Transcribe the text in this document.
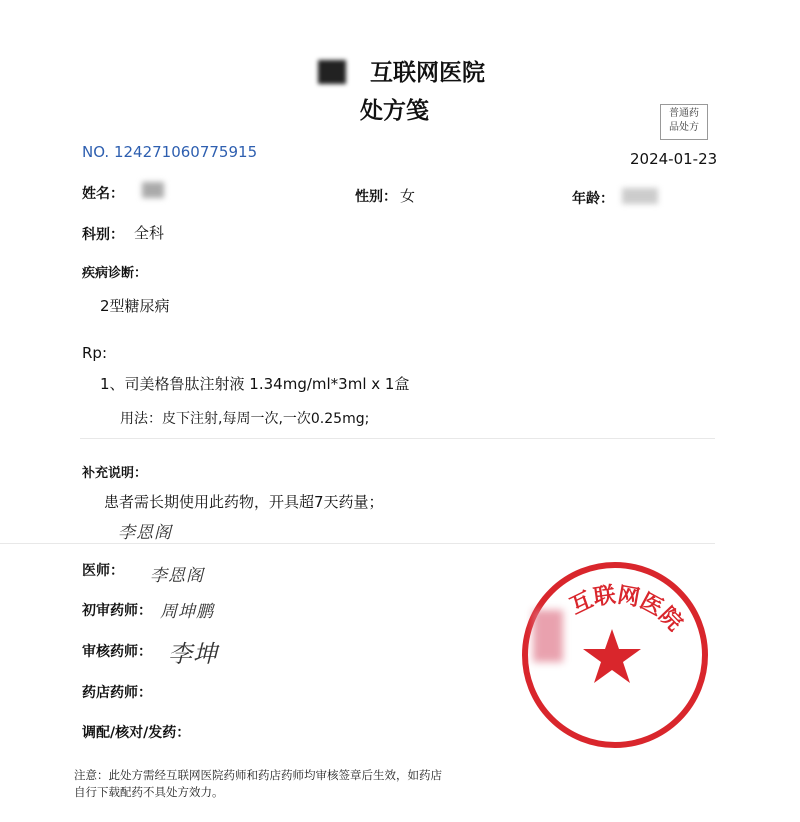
互联网医院
处方笺	普通药
品处方
NO. 124271060775915	2024-01-23
姓名：	性别： 女	年龄：
科别： 全科
疾病诊断：
2型糖尿病
Rp:
1、司美格鲁肽注射液 1.34mg/ml*3ml x 1盒
用法：皮下注射,每周一次,一次0.25mg;
补充说明：
患者需长期使用此药物，开具超7天药量；
李恩阁
医师： 李恩阁
初审药师： 周坤鹏
审核药师： 李坤
药店药师：
调配/核对/发药：
互联网医院
注意：此处方需经互联网医院药师和药店药师均审核签章后生效，如药店
自行下载配药不具处方效力。
